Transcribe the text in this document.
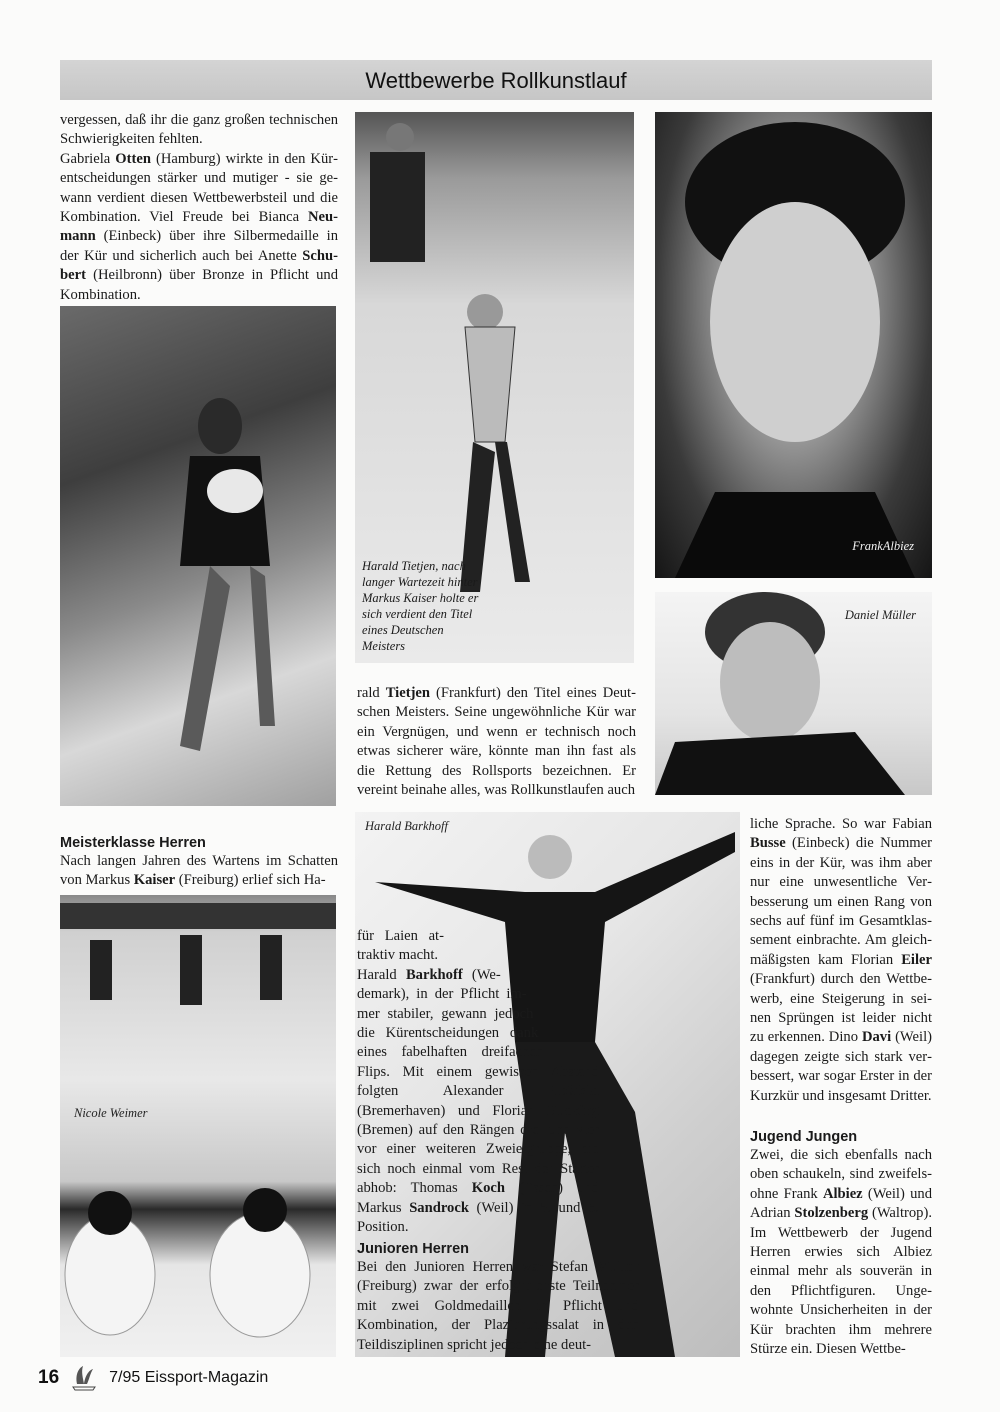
Wettbewerbe Rollkunstlauf

vergessen, daß ihr die ganz großen technischen Schwierigkeiten fehlten.

Gabriela Otten (Hamburg) wirkte in den Kürentscheidungen stärker und mutiger - sie gewann verdient diesen Wettbewerbsteil und die Kombination. Viel Freude bei Bianca Neumann (Einbeck) über ihre Silbermedaille in der Kür und sicherlich auch bei Anette Schubert (Heilbronn) über Bronze in Pflicht und Kombination.

Meisterklasse Herren

Nach langen Jahren des Wartens im Schatten von Markus Kaiser (Freiburg) erlief sich Ha-

Nicole Weimer
Harald Tietjen, nach langer Wartezeit hinter Markus Kaiser holte er sich verdient den Titel eines Deutschen Meisters

rald Tietjen (Frankfurt) den Titel eines Deutschen Meisters. Seine ungewöhnliche Kür war ein Vergnügen, und wenn er technisch noch etwas sicherer wäre, könnte man ihn fast als die Rettung des Rollsports bezeichnen. Er vereint beinahe alles, was Rollkunstlaufen auch

Harald Barkhoff

für Laien attraktiv macht.

Harald Barkhoff (Wedemark), in der Pflicht immer stabiler, gewann jedoch die Kürentscheidungen dank eines fabelhaften dreifachen Flips. Mit einem gewissen Abstand folgten Alexander Hoßfeld (Bremerhaven) und Florian Bücking (Bremen) auf den Rängen drei und vier vor einer weiteren Zweiergruppe, die sich noch einmal vom Rest der Starter abhob: Thomas Koch (Essen) und Markus Sandrock (Weil) in 5. und 6. Position.

Junioren Herren

Bei den Junioren Herren war Stefan Müller (Freiburg) zwar der erfolgreichste Teilnehmer mit zwei Goldmedaillen in Pflicht und Kombination, der Plazierungssalat in den Teildisziplinen spricht jedoch eine deut-

FrankAlbiez
Daniel Müller

liche Sprache. So war Fabian Busse (Einbeck) die Nummer eins in der Kür, was ihm aber nur eine unwesentliche Verbesserung um einen Rang von sechs auf fünf im Gesamtklassement einbrachte. Am gleichmäßigsten kam Florian Eiler (Frankfurt) durch den Wettbewerb, eine Steigerung in seinen Sprüngen ist leider nicht zu erkennen. Dino Davi (Weil) dagegen zeigte sich stark verbessert, war sogar Erster in der Kurzkür und insgesamt Dritter.

Jugend Jungen

Zwei, die sich ebenfalls nach oben schaukeln, sind zweifelsohne Frank Albiez (Weil) und Adrian Stolzenberg (Waltrop). Im Wettbewerb der Jugend Herren erwies sich Albiez einmal mehr als souverän in den Pflichtfiguren. Ungewohnte Unsicherheiten in der Kür brachten ihm mehrere Stürze ein. Diesen Wettbe-

16	7/95 Eissport-Magazin
